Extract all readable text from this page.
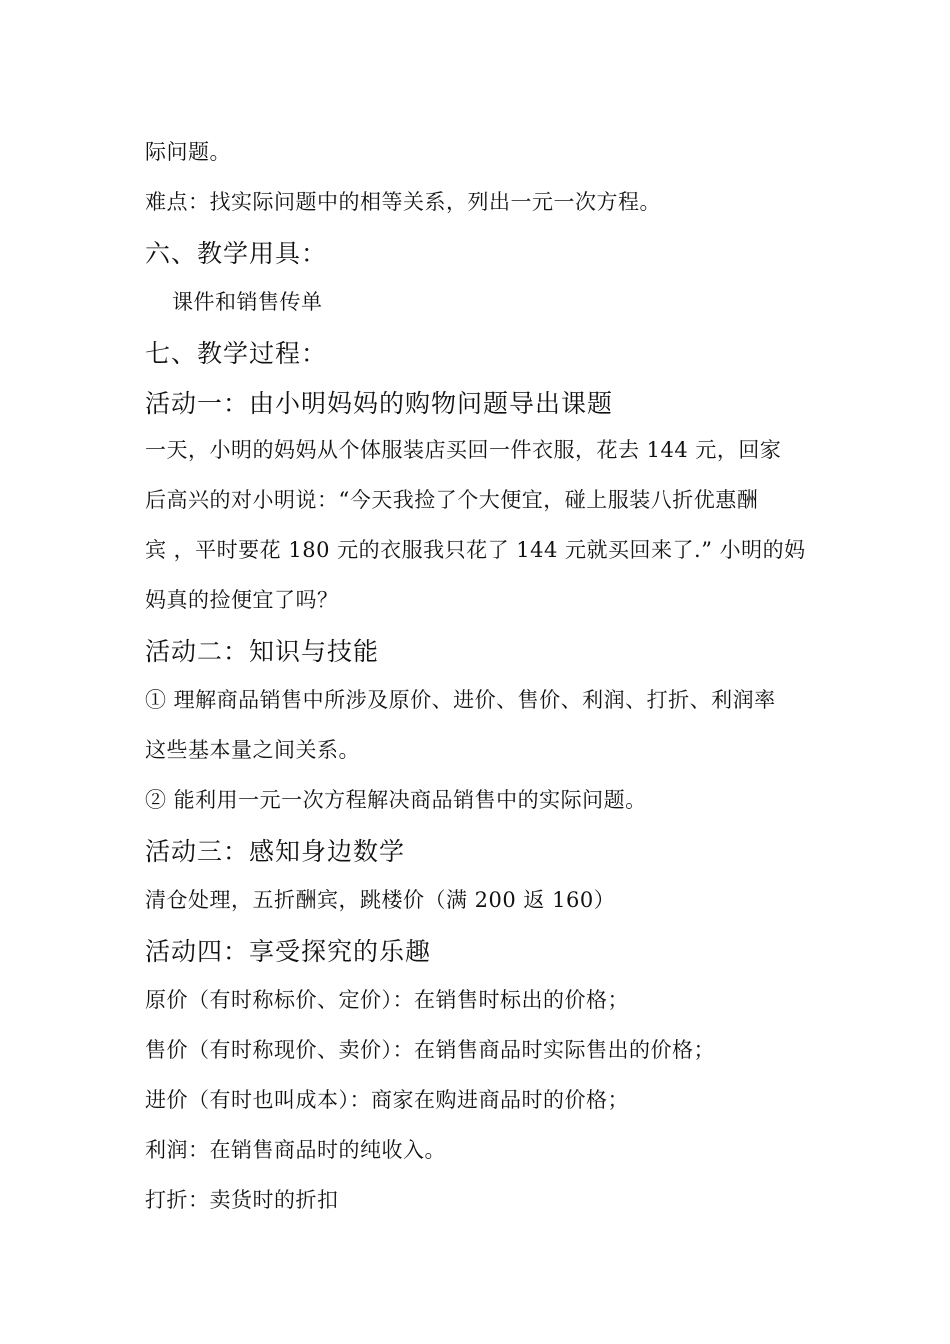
际问题。
难点：找实际问题中的相等关系，列出一元一次方程。
六、教学用具：
课件和销售传单
七、教学过程：
活动一：由小明妈妈的购物问题导出课题
一天，小明的妈妈从个体服装店买回一件衣服，花去 144 元，回家
后高兴的对小明说：“今天我捡了个大便宜，碰上服装八折优惠酬
宾 ，平时要花 180 元的衣服我只花了 144 元就买回来了.” 小明的妈
妈真的捡便宜了吗？
活动二：知识与技能
① 理解商品销售中所涉及原价、进价、售价、利润、打折、利润率
这些基本量之间关系。
② 能利用一元一次方程解决商品销售中的实际问题。
活动三：感知身边数学
清仓处理，五折酬宾，跳楼价（满 200 返 160）
活动四：享受探究的乐趣
原价（有时称标价、定价）：在销售时标出的价格；
售价（有时称现价、卖价）：在销售商品时实际售出的价格；
进价（有时也叫成本）：商家在购进商品时的价格；
利润：在销售商品时的纯收入。
打折：卖货时的折扣
